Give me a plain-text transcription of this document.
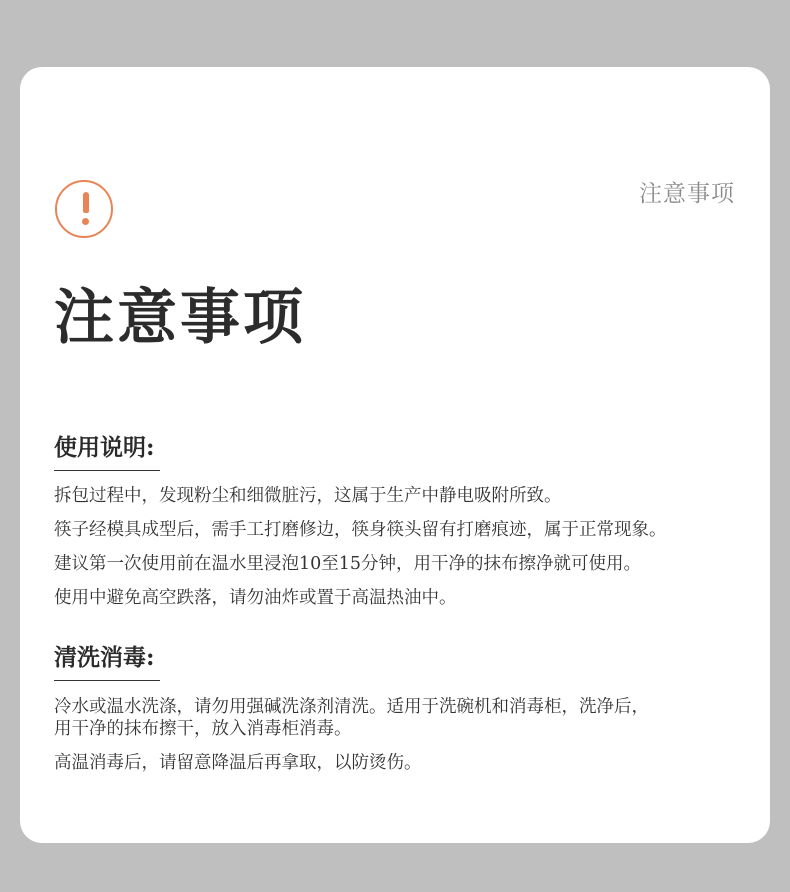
注意事项
注意事项
使用说明:
拆包过程中，发现粉尘和细微脏污，这属于生产中静电吸附所致。
筷子经模具成型后，需手工打磨修边，筷身筷头留有打磨痕迹，属于正常现象。
建议第一次使用前在温水里浸泡10至15分钟，用干净的抹布擦净就可使用。
使用中避免高空跌落，请勿油炸或置于高温热油中。
清洗消毒:
冷水或温水洗涤，请勿用强碱洗涤剂清洗。适用于洗碗机和消毒柜，洗净后，
用干净的抹布擦干，放入消毒柜消毒。
高温消毒后，请留意降温后再拿取，以防烫伤。
